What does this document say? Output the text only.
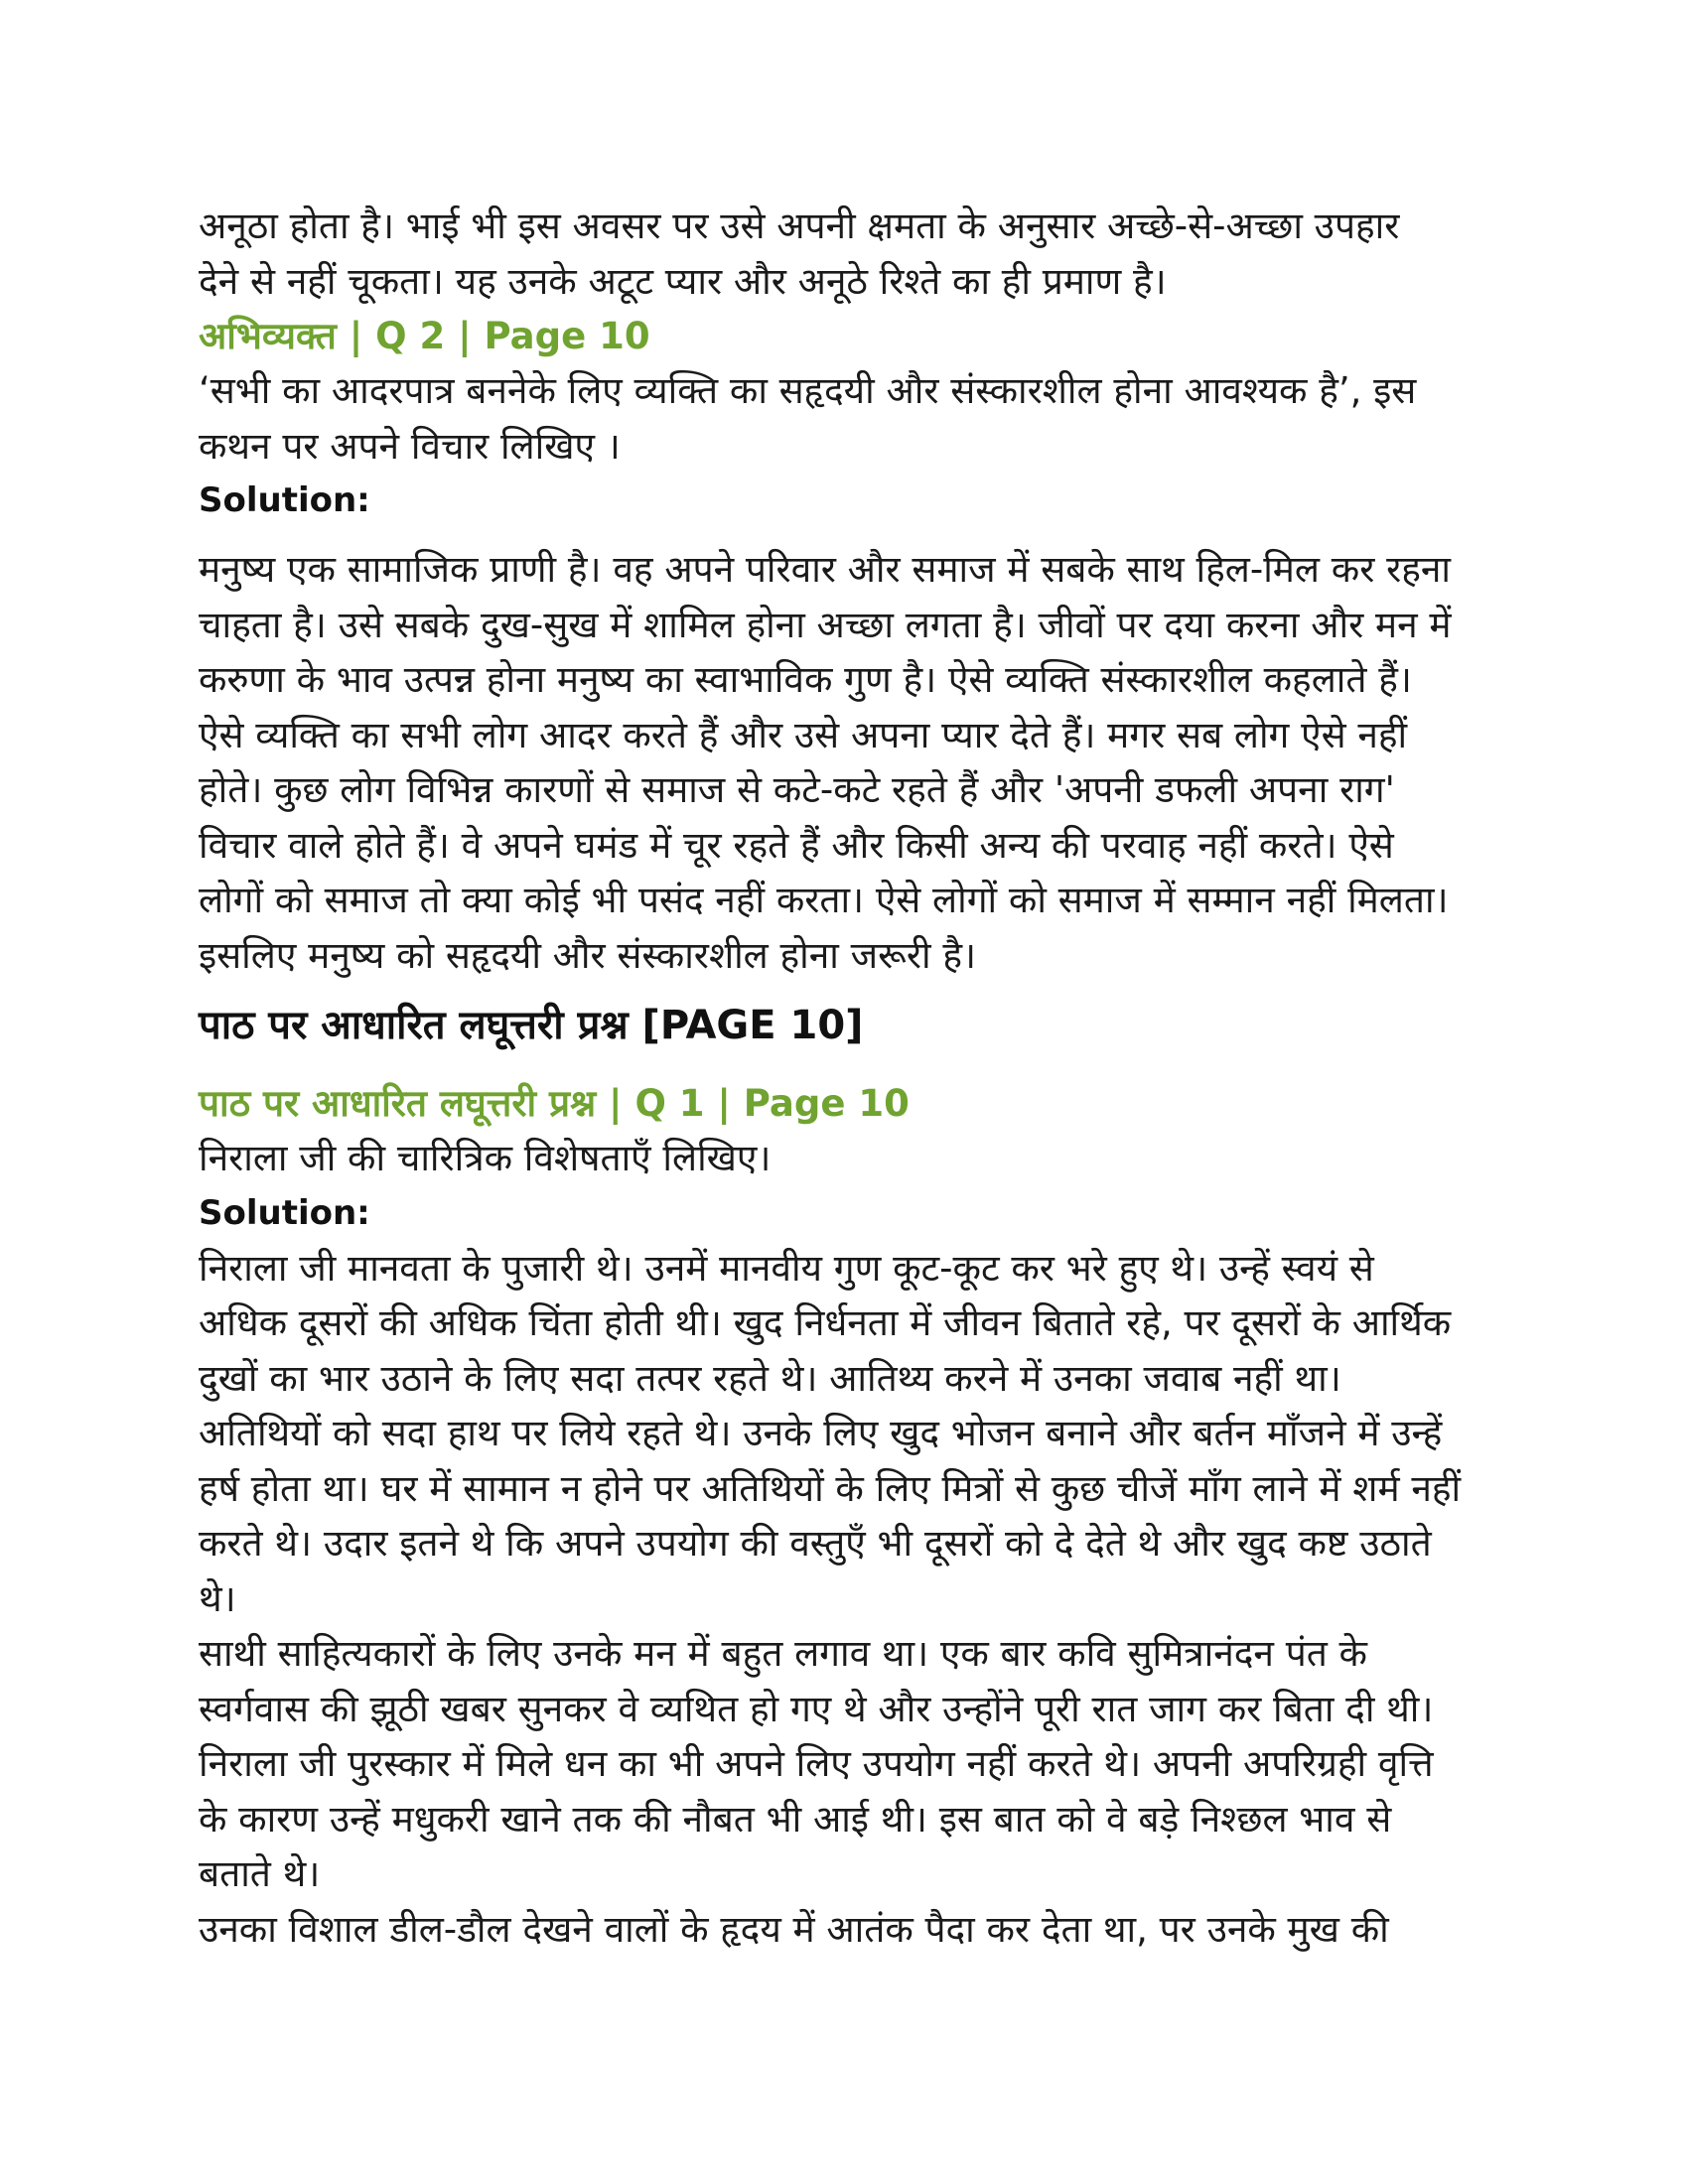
अनूठा होता है। भाई भी इस अवसर पर उसे अपनी क्षमता के अनुसार अच्छे-से-अच्छा उपहार

देने से नहीं चूकता। यह उनके अटूट प्यार और अनूठे रिश्ते का ही प्रमाण है।

अभिव्यक्त | Q 2 | Page 10

‘सभी का आदरपात्र बननेके लिए व्यक्ति का सहृदयी और संस्कारशील होना आवश्यक है’, इस

कथन पर अपने विचार लिखिए ।

Solution:

मनुष्य एक सामाजिक प्राणी है। वह अपने परिवार और समाज में सबके साथ हिल-मिल कर रहना

चाहता है। उसे सबके दुख-सुख में शामिल होना अच्छा लगता है। जीवों पर दया करना और मन में

करुणा के भाव उत्पन्न होना मनुष्य का स्वाभाविक गुण है। ऐसे व्यक्ति संस्कारशील कहलाते हैं।

ऐसे व्यक्ति का सभी लोग आदर करते हैं और उसे अपना प्यार देते हैं। मगर सब लोग ऐसे नहीं

होते। कुछ लोग विभिन्न कारणों से समाज से कटे-कटे रहते हैं और 'अपनी डफली अपना राग'

विचार वाले होते हैं। वे अपने घमंड में चूर रहते हैं और किसी अन्य की परवाह नहीं करते। ऐसे

लोगों को समाज तो क्या कोई भी पसंद नहीं करता। ऐसे लोगों को समाज में सम्मान नहीं मिलता।

इसलिए मनुष्य को सहृदयी और संस्कारशील होना जरूरी है।

पाठ पर आधारित लघूत्तरी प्रश्न [PAGE 10]
पाठ पर आधारित लघूत्तरी प्रश्न | Q 1 | Page 10

निराला जी की चारित्रिक विशेषताएँ लिखिए।

Solution:

निराला जी मानवता के पुजारी थे। उनमें मानवीय गुण कूट-कूट कर भरे हुए थे। उन्हें स्वयं से

अधिक दूसरों की अधिक चिंता होती थी। खुद निर्धनता में जीवन बिताते रहे, पर दूसरों के आर्थिक

दुखों का भार उठाने के लिए सदा तत्पर रहते थे। आतिथ्य करने में उनका जवाब नहीं था।

अतिथियों को सदा हाथ पर लिये रहते थे। उनके लिए खुद भोजन बनाने और बर्तन माँजने में उन्हें

हर्ष होता था। घर में सामान न होने पर अतिथियों के लिए मित्रों से कुछ चीजें माँग लाने में शर्म नहीं

करते थे। उदार इतने थे कि अपने उपयोग की वस्तुएँ भी दूसरों को दे देते थे और खुद कष्ट उठाते

थे।

साथी साहित्यकारों के लिए उनके मन में बहुत लगाव था। एक बार कवि सुमित्रानंदन पंत के

स्वर्गवास की झूठी खबर सुनकर वे व्यथित हो गए थे और उन्होंने पूरी रात जाग कर बिता दी थी।

निराला जी पुरस्कार में मिले धन का भी अपने लिए उपयोग नहीं करते थे। अपनी अपरिग्रही वृत्ति

के कारण उन्हें मधुकरी खाने तक की नौबत भी आई थी। इस बात को वे बड़े निश्छल भाव से

बताते थे।

उनका विशाल डील-डौल देखने वालों के हृदय में आतंक पैदा कर देता था, पर उनके मुख की
